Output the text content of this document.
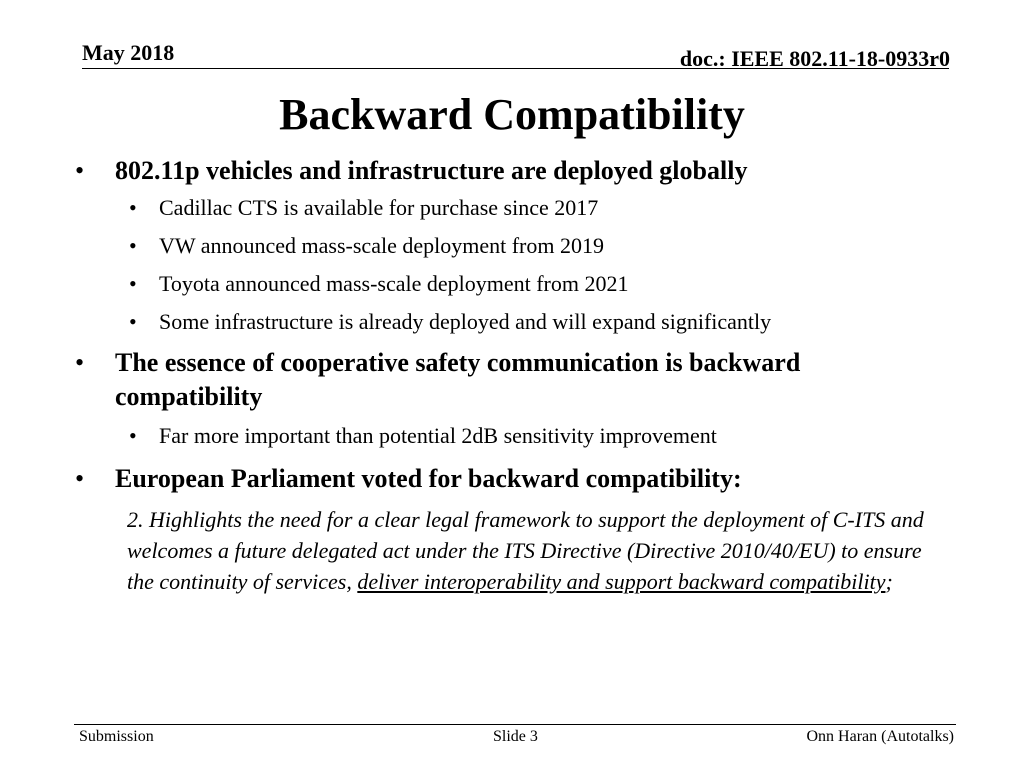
May 2018	doc.: IEEE 802.11-18-0933r0
Backward Compatibility
• 802.11p vehicles and infrastructure are deployed globally
• Cadillac CTS is available for purchase since 2017
• VW announced mass-scale deployment from 2019
• Toyota announced mass-scale deployment from 2021
• Some infrastructure is already deployed and will expand significantly
• The essence of cooperative safety communication is backward compatibility
• Far more important than potential 2dB sensitivity improvement
• European Parliament voted for backward compatibility:
2. Highlights the need for a clear legal framework to support the deployment of C-ITS and welcomes a future delegated act under the ITS Directive (Directive 2010/40/EU) to ensure the continuity of services, deliver interoperability and support backward compatibility;
Submission	Slide 3	Onn Haran (Autotalks)
